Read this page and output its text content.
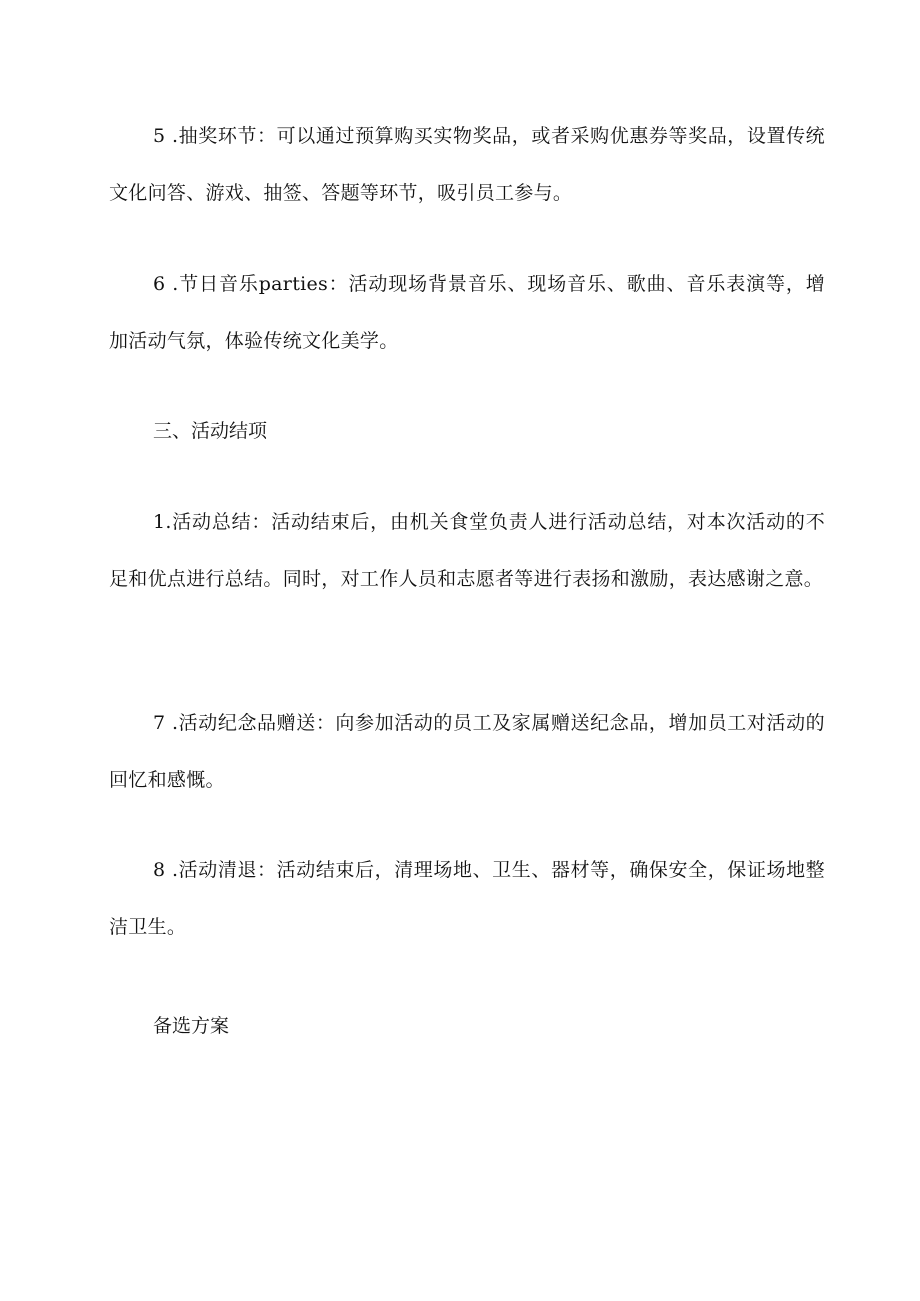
5 .抽奖环节：可以通过预算购买实物奖品，或者采购优惠券等奖品，设置传统文化问答、游戏、抽签、答题等环节，吸引员工参与。

6 .节日音乐parties：活动现场背景音乐、现场音乐、歌曲、音乐表演等，增加活动气氛，体验传统文化美学。

三、活动结项

1.活动总结：活动结束后，由机关食堂负责人进行活动总结，对本次活动的不足和优点进行总结。同时，对工作人员和志愿者等进行表扬和激励，表达感谢之意。

7 .活动纪念品赠送：向参加活动的员工及家属赠送纪念品，增加员工对活动的回忆和感慨。

8 .活动清退：活动结束后，清理场地、卫生、器材等，确保安全，保证场地整洁卫生。

备选方案
